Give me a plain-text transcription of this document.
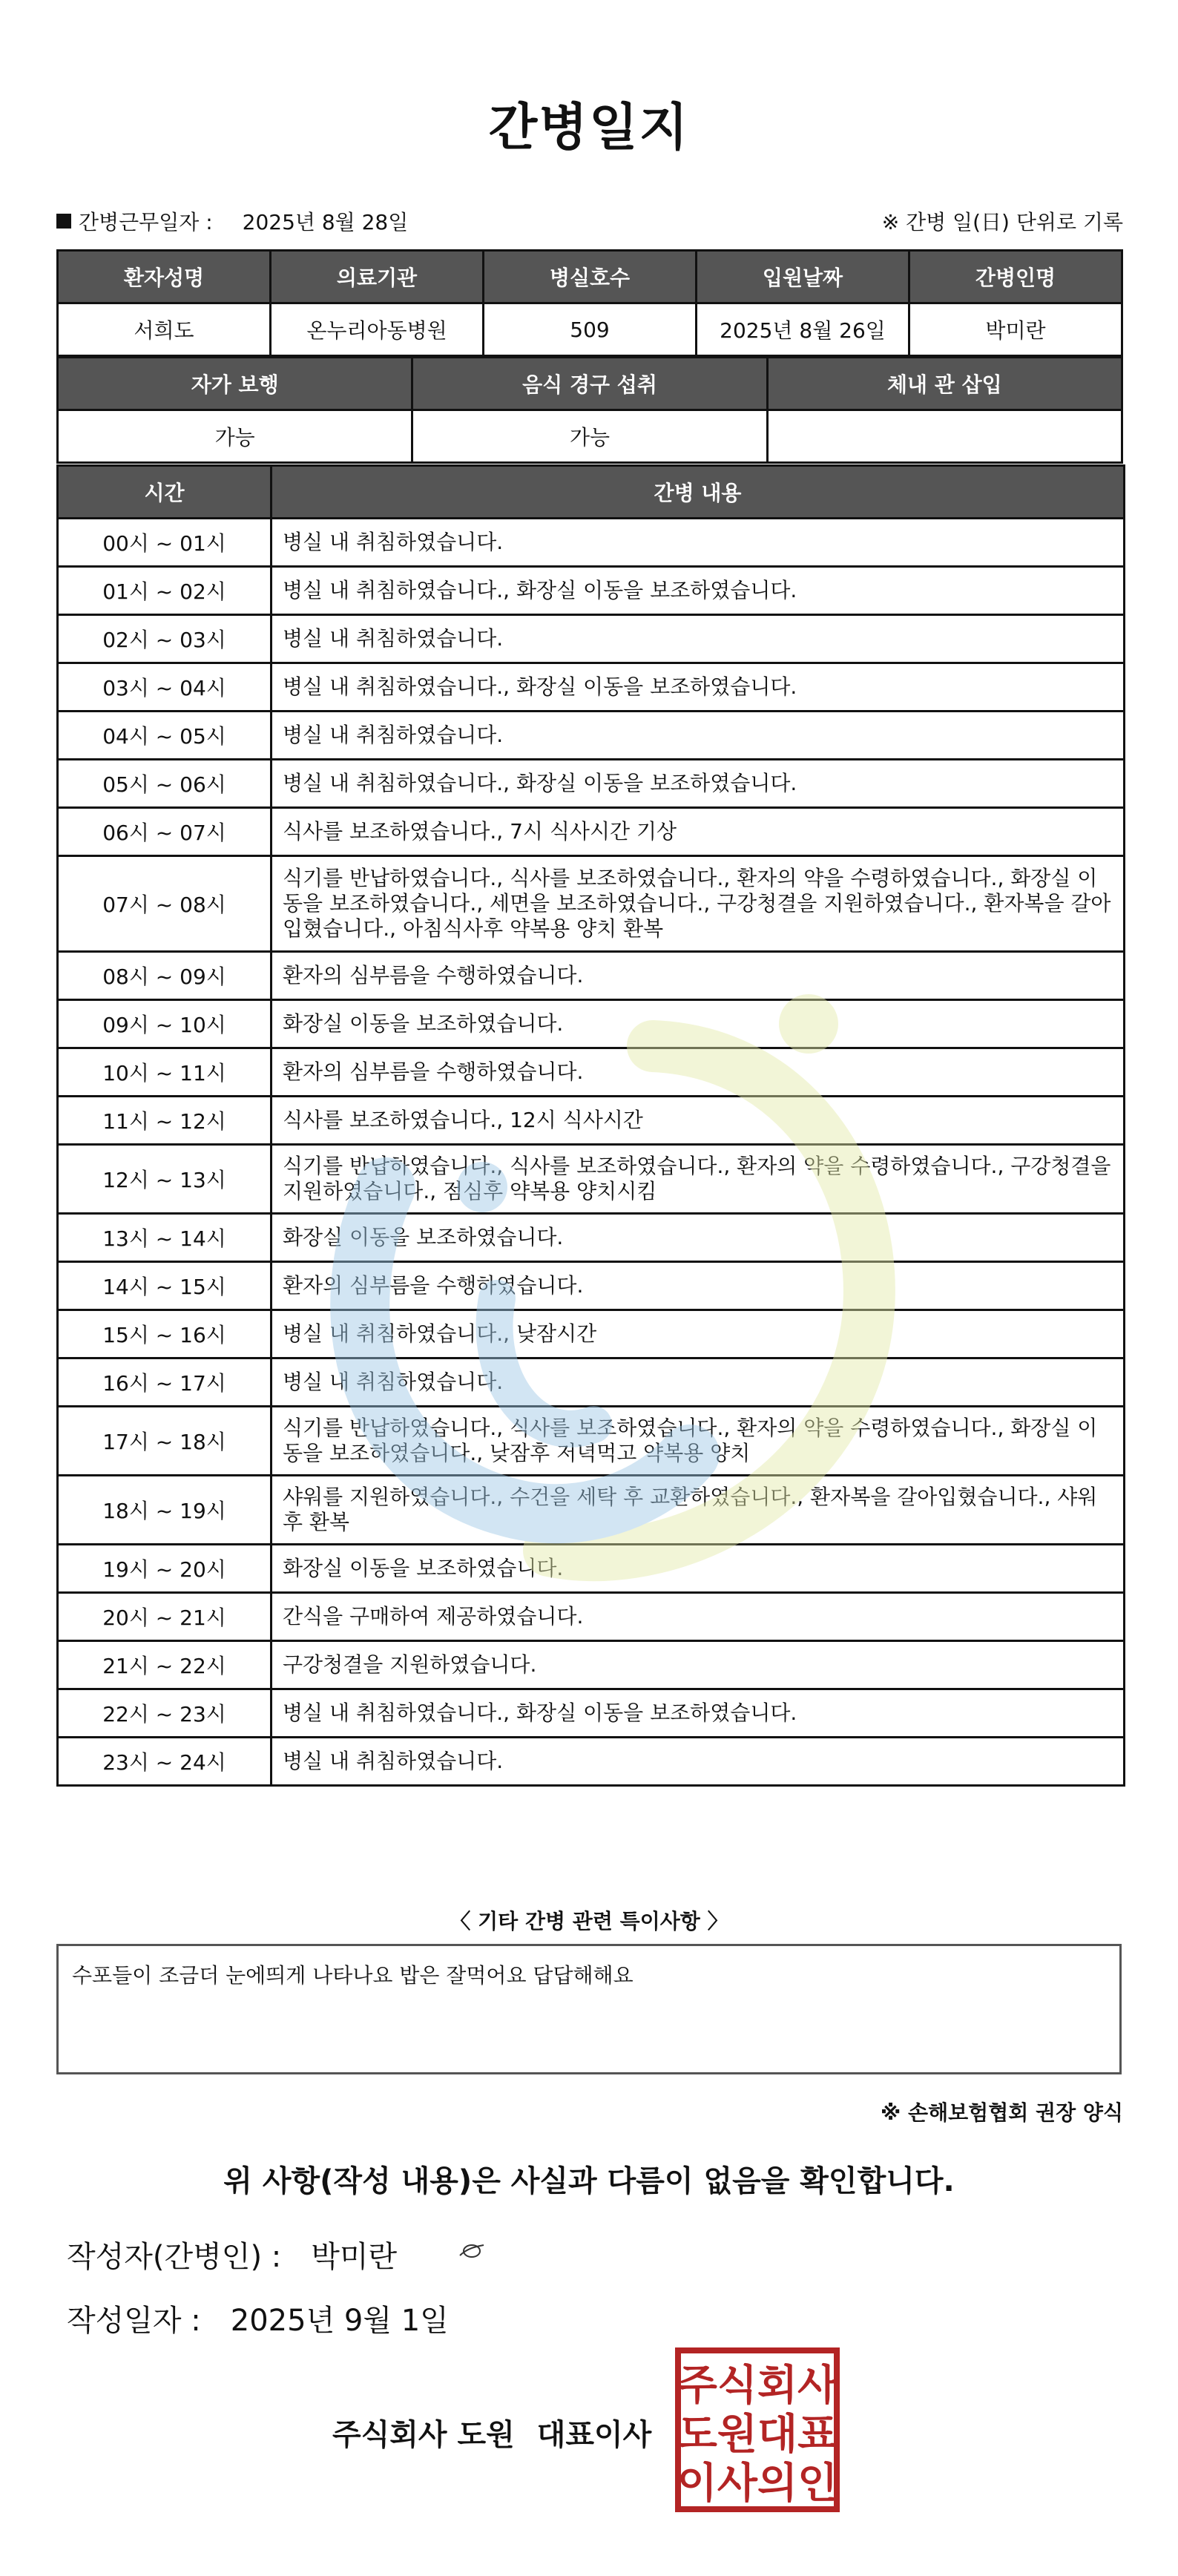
간병일지
간병근무일자 : 2025년 8월 28일	※ 간병 일(日) 단위로 기록
환자성명	의료기관	병실호수	입원날짜	간병인명
서희도	온누리아동병원	509	2025년 8월 26일	박미란
자가 보행	음식 경구 섭취	체내 관 삽입
가능	가능	
시간	간병 내용
00시 ~ 01시	병실 내 취침하였습니다.
01시 ~ 02시	병실 내 취침하였습니다., 화장실 이동을 보조하였습니다.
02시 ~ 03시	병실 내 취침하였습니다.
03시 ~ 04시	병실 내 취침하였습니다., 화장실 이동을 보조하였습니다.
04시 ~ 05시	병실 내 취침하였습니다.
05시 ~ 06시	병실 내 취침하였습니다., 화장실 이동을 보조하였습니다.
06시 ~ 07시	식사를 보조하였습니다., 7시 식사시간 기상
07시 ~ 08시	식기를 반납하였습니다., 식사를 보조하였습니다., 환자의 약을 수령하였습니다., 화장실 이동을 보조하였습니다., 세면을 보조하였습니다., 구강청결을 지원하였습니다., 환자복을 갈아입혔습니다., 아침식사후 약복용 양치 환복
08시 ~ 09시	환자의 심부름을 수행하였습니다.
09시 ~ 10시	화장실 이동을 보조하였습니다.
10시 ~ 11시	환자의 심부름을 수행하였습니다.
11시 ~ 12시	식사를 보조하였습니다., 12시 식사시간
12시 ~ 13시	식기를 반납하였습니다., 식사를 보조하였습니다., 환자의 약을 수령하였습니다., 구강청결을 지원하였습니다., 점심후 약복용 양치시킴
13시 ~ 14시	화장실 이동을 보조하였습니다.
14시 ~ 15시	환자의 심부름을 수행하였습니다.
15시 ~ 16시	병실 내 취침하였습니다., 낮잠시간
16시 ~ 17시	병실 내 취침하였습니다.
17시 ~ 18시	식기를 반납하였습니다., 식사를 보조하였습니다., 환자의 약을 수령하였습니다., 화장실 이동을 보조하였습니다., 낮잠후 저녁먹고 약복용 양치
18시 ~ 19시	샤워를 지원하였습니다., 수건을 세탁 후 교환하였습니다., 환자복을 갈아입혔습니다., 샤워후 환복
19시 ~ 20시	화장실 이동을 보조하였습니다.
20시 ~ 21시	간식을 구매하여 제공하였습니다.
21시 ~ 22시	구강청결을 지원하였습니다.
22시 ~ 23시	병실 내 취침하였습니다., 화장실 이동을 보조하였습니다.
23시 ~ 24시	병실 내 취침하였습니다.
〈 기타 간병 관련 특이사항 〉
수포들이 조금더 눈에띄게 나타나요 밥은 잘먹어요 답답해해요
※ 손해보험협회 권장 양식
위 사항(작성 내용)은 사실과 다름이 없음을 확인합니다.
작성자(간병인) : 박미란
작성일자 : 2025년 9월 1일
주식회사 도원 대표이사
주식회사
도원대표
이사의인
